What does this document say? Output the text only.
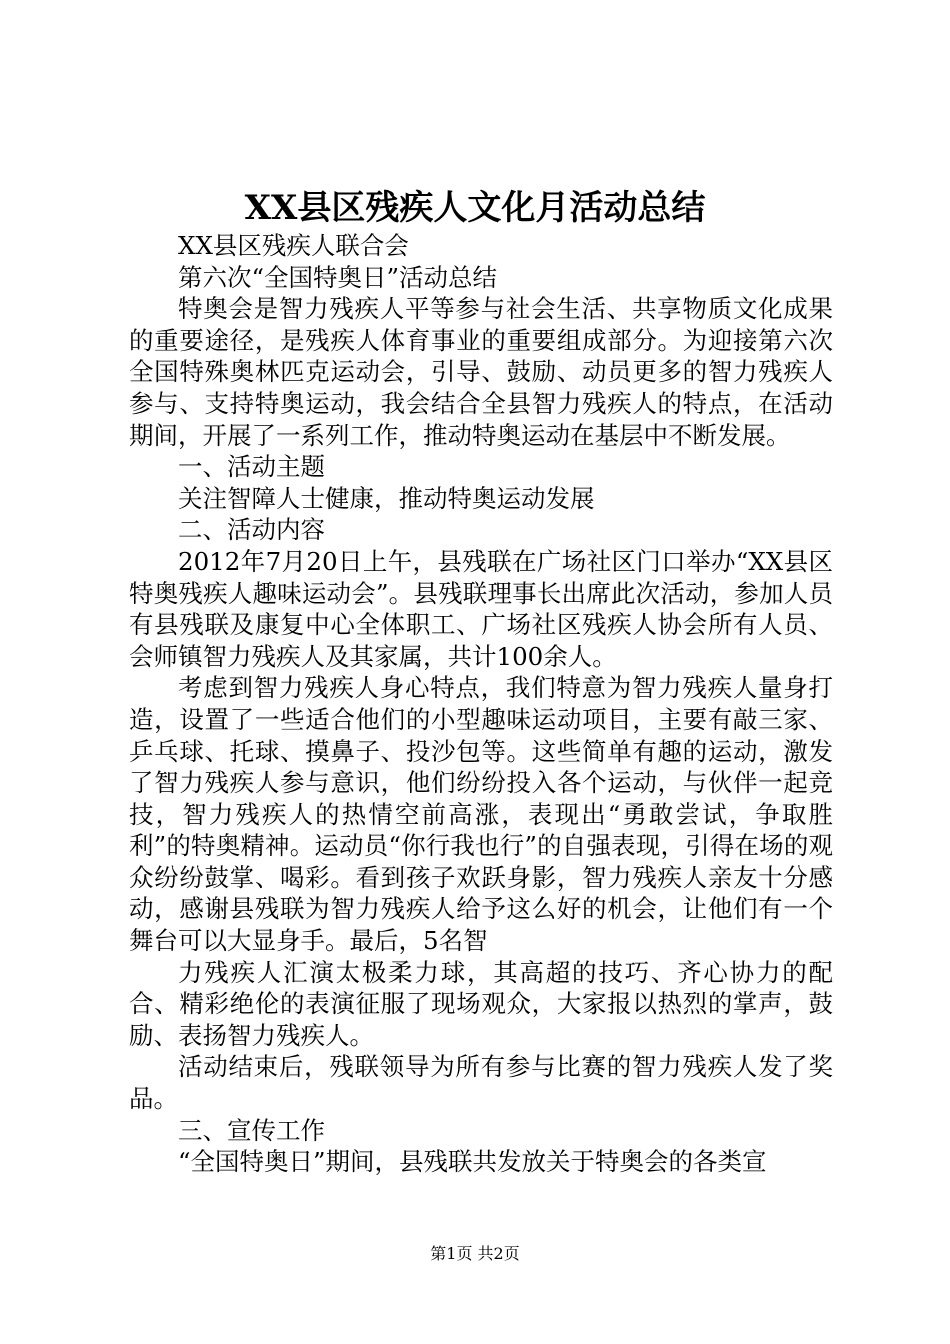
XX县区残疾人文化月活动总结

XX县区残疾人联合会

第六次“全国特奥日”活动总结

特奥会是智力残疾人平等参与社会生活、共享物质文化成果的重要途径，是残疾人体育事业的重要组成部分。为迎接第六次全国特殊奥林匹克运动会，引导、鼓励、动员更多的智力残疾人参与、支持特奥运动，我会结合全县智力残疾人的特点，在活动期间，开展了一系列工作，推动特奥运动在基层中不断发展。

一、活动主题

关注智障人士健康，推动特奥运动发展

二、活动内容

2012年7月20日上午，县残联在广场社区门口举办“XX县区特奥残疾人趣味运动会”。县残联理事长出席此次活动，参加人员有县残联及康复中心全体职工、广场社区残疾人协会所有人员、会师镇智力残疾人及其家属，共计100余人。

考虑到智力残疾人身心特点，我们特意为智力残疾人量身打造，设置了一些适合他们的小型趣味运动项目，主要有敲三家、乒乓球、托球、摸鼻子、投沙包等。这些简单有趣的运动，激发了智力残疾人参与意识，他们纷纷投入各个运动，与伙伴一起竞技，智力残疾人的热情空前高涨，表现出“勇敢尝试，争取胜利”的特奥精神。运动员“你行我也行”的自强表现，引得在场的观众纷纷鼓掌、喝彩。看到孩子欢跃身影，智力残疾人亲友十分感动，感谢县残联为智力残疾人给予这么好的机会，让他们有一个舞台可以大显身手。最后，5名智

力残疾人汇演太极柔力球，其高超的技巧、齐心协力的配合、精彩绝伦的表演征服了现场观众，大家报以热烈的掌声，鼓励、表扬智力残疾人。

活动结束后，残联领导为所有参与比赛的智力残疾人发了奖品。

三、宣传工作

“全国特奥日”期间，县残联共发放关于特奥会的各类宣

第1页 共2页
